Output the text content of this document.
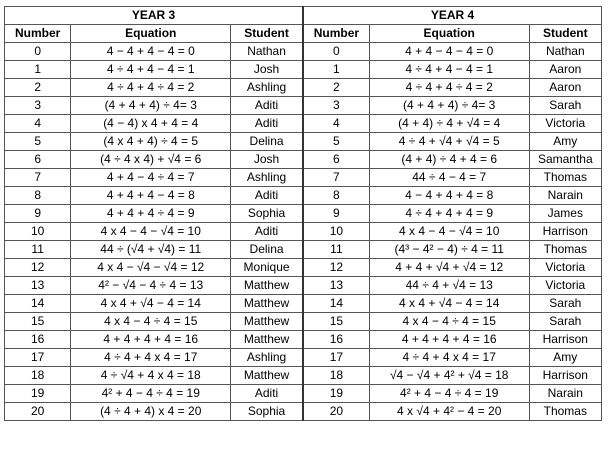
YEAR 3			YEAR 4		
Number	Equation	Student	Number	Equation	Student
0	4 − 4 + 4 − 4 = 0	Nathan	0	4 + 4 − 4 − 4 = 0	Nathan
1	4 ÷ 4 + 4 − 4 = 1	Josh	1	4 ÷ 4 + 4 − 4 = 1	Aaron
2	4 ÷ 4 + 4 ÷ 4 = 2	Ashling	2	4 ÷ 4 + 4 ÷ 4 = 2	Aaron
3	(4 + 4 + 4) ÷ 4= 3	Aditi	3	(4 + 4 + 4) ÷ 4= 3	Sarah
4	(4 − 4) x 4 + 4 = 4	Aditi	4	(4 + 4) ÷ 4 + √4 = 4	Victoria
5	(4 x 4 + 4) ÷ 4 = 5	Delina	5	4 ÷ 4 + √4 + √4 = 5	Amy
6	(4 ÷ 4 x 4) + √4 = 6	Josh	6	(4 + 4) ÷ 4 + 4 = 6	Samantha
7	4 + 4 − 4 ÷ 4 = 7	Ashling	7	44 ÷ 4 − 4 = 7	Thomas
8	4 + 4 + 4 − 4 = 8	Aditi	8	4 − 4 + 4 + 4 = 8	Narain
9	4 + 4 + 4 ÷ 4 = 9	Sophia	9	4 ÷ 4 + 4 + 4 = 9	James
10	4 x 4 − 4 − √4 = 10	Aditi	10	4 x 4 − 4 − √4 = 10	Harrison
11	44 ÷ (√4 + √4) = 11	Delina	11	(4³ − 4² − 4) ÷ 4 = 11	Thomas
12	4 x 4 − √4 − √4 = 12	Monique	12	4 + 4 + √4 + √4 = 12	Victoria
13	4² − √4 − 4 ÷ 4 = 13	Matthew	13	44 ÷ 4 + √4 = 13	Victoria
14	4 x 4 + √4 − 4 = 14	Matthew	14	4 x 4 + √4 − 4 = 14	Sarah
15	4 x 4 − 4 ÷ 4 = 15	Matthew	15	4 x 4 − 4 ÷ 4 = 15	Sarah
16	4 + 4 + 4 + 4 = 16	Matthew	16	4 + 4 + 4 + 4 = 16	Harrison
17	4 ÷ 4 + 4 x 4 = 17	Ashling	17	4 ÷ 4 + 4 x 4 = 17	Amy
18	4 ÷ √4 + 4 x 4 = 18	Matthew	18	√4 − √4 + 4² + √4 = 18	Harrison
19	4² + 4 − 4 ÷ 4 = 19	Aditi	19	4² + 4 − 4 ÷ 4 = 19	Narain
20	(4 ÷ 4 + 4) x 4 = 20	Sophia	20	4 x √4 + 4² − 4 = 20	Thomas
